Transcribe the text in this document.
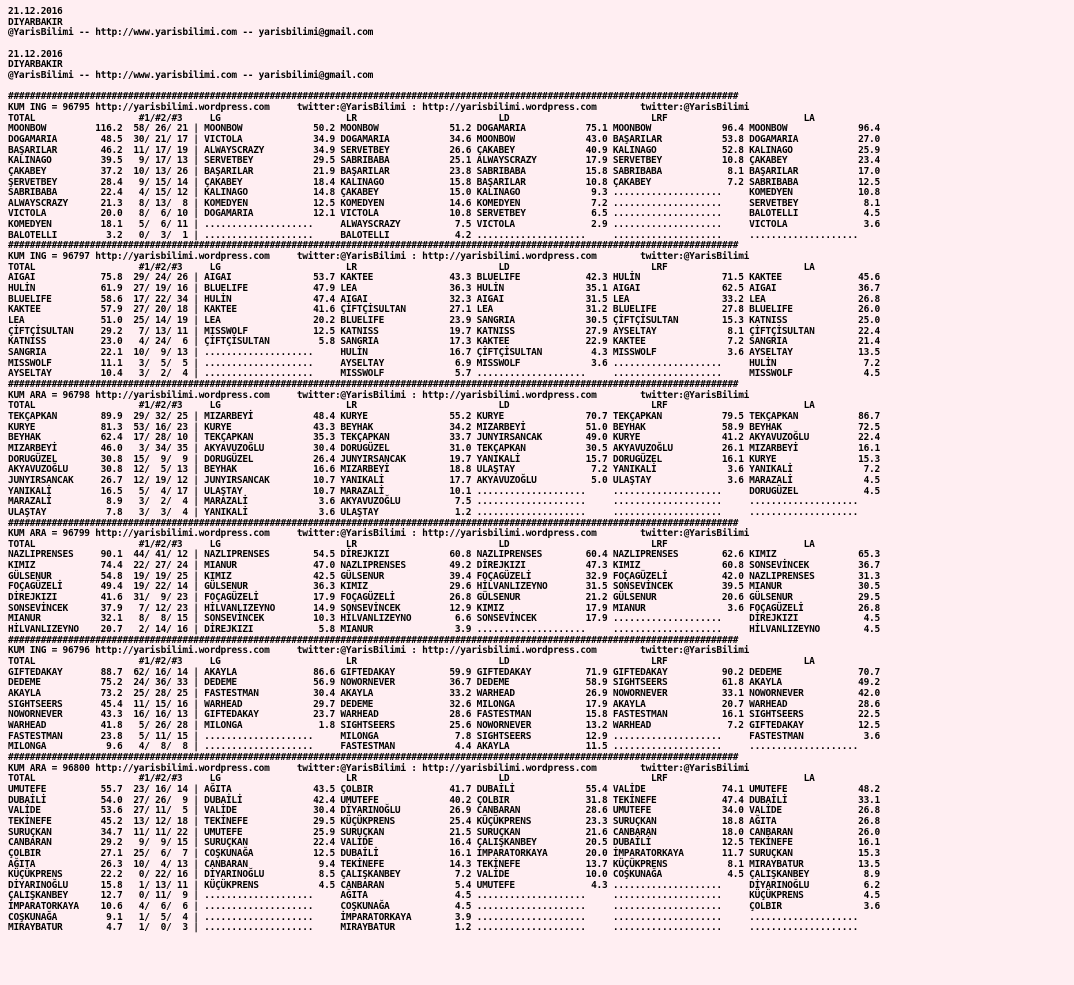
21.12.2016
DIYARBAKIR
@YarisBilimi -- http://www.yarisbilimi.com -- yarisbilimi@gmail.com

21.12.2016
DIYARBAKIR
@YarisBilimi -- http://www.yarisbilimi.com -- yarisbilimi@gmail.com

######################################################################################################################################
KUM ING = 96795 http://yarisbilimi.wordpress.com     twitter:@YarisBilimi : http://yarisbilimi.wordpress.com        twitter:@YarisBilimi
TOTAL                   #1/#2/#3     LG                       LR                          LD                          LRF                         LA
MOONBOW         116.2  58/ 26/ 21 | MOONBOW             50.2 MOONBOW             51.2 DOGAMARIA           75.1 MOONBOW             96.4 MOONBOW             96.4
DOGAMARIA        48.5  30/ 21/ 17 | VICTOLA             34.9 DOGAMARIA           34.6 MOONBOW             43.0 BAŞARILAR           53.8 DOGAMARIA           27.0
BAŞARILAR        46.2  11/ 17/ 19 | ALWAYSCRAZY         34.9 SERVETBEY           26.6 ÇAKABEY             40.9 KALINAGO            52.8 KALINAGO            25.9
KALINAGO         39.5   9/ 17/ 13 | SERVETBEY           29.5 SABRIBABA           25.1 ALWAYSCRAZY         17.9 SERVETBEY           10.8 ÇAKABEY             23.4
ÇAKABEY          37.2  10/ 13/ 26 | BAŞARILAR           21.9 BAŞARILAR           23.8 SABRIBABA           15.8 SABRIBABA            8.1 BAŞARILAR           17.0
ŞERVETBEY        28.4   9/ 15/ 14 | ÇAKABEY             18.4 KALINAGO            15.8 BAŞARILAR           10.8 ÇAKABEY              7.2 SABRIBABA           12.5
SABRIBABA        22.4   4/ 15/ 12 | KALINAGO            14.8 ÇAKABEY             15.0 KALINAGO             9.3 ....................     KOMEDYEN            10.8
ALWAYSCRAZY      21.3   8/ 13/  8 | KOMEDYEN            12.5 KOMEDYEN            14.6 KOMEDYEN             7.2 ....................     SERVETBEY            8.1
VICTOLA          20.0   8/  6/ 10 | DOGAMARIA           12.1 VICTOLA             10.8 SERVETBEY            6.5 ....................     BALOTELLI            4.5
KOMEDYEN         18.1   5/  6/ 11 | ....................     ALWAYSCRAZY          7.5 VICTOLA              2.9 ....................     VICTOLA              3.6
BALOTELLI         3.2   0/  3/  1 | ....................     BALOTELLI            4.2 ....................     ....................     ....................
######################################################################################################################################
KUM ING = 96797 http://yarisbilimi.wordpress.com     twitter:@YarisBilimi : http://yarisbilimi.wordpress.com        twitter:@YarisBilimi
TOTAL                   #1/#2/#3     LG                       LR                          LD                          LRF                         LA
AIGAI            75.8  29/ 24/ 26 | AIGAI               53.7 KAKTEE              43.3 BLUELIFE            42.3 HULİN               71.5 KAKTEE              45.6
HULİN            61.9  27/ 19/ 16 | BLUELIFE            47.9 LEA                 36.3 HULİN               35.1 AIGAI               62.5 AIGAI               36.7
BLUELIFE         58.6  17/ 22/ 34 | HULİN               47.4 AIGAI               32.3 AIGAI               31.5 LEA                 33.2 LEA                 26.8
KAKTEE           57.9  27/ 20/ 18 | KAKTEE              41.6 ÇİFTÇİSULTAN        27.1 LEA                 31.2 BLUELIFE            27.8 BLUELIFE            26.0
LEA              51.0  25/ 14/ 19 | LEA                 20.2 BLUELIFE            23.9 SANGRIA             30.5 ÇİFTÇİSULTAN        15.3 KATNISS             25.0
ÇİFTÇİSULTAN     29.2   7/ 13/ 11 | MISSWOLF            12.5 KATNISS             19.7 KATNISS             27.9 AYSELTAY             8.1 ÇİFTÇİSULTAN        22.4
KATNISS          23.0   4/ 24/  6 | ÇİFTÇİSULTAN         5.8 SANGRIA             17.3 KAKTEE              22.9 KAKTEE               7.2 SANGRIA             21.4
SANGRIA          22.1  10/  9/ 13 | ....................     HULİN               16.7 ÇİFTÇİSULTAN         4.3 MISSWOLF             3.6 AYSELTAY            13.5
MISSWOLF         11.1   3/  5/  5 | ....................     AYSELTAY             6.9 MISSWOLF             3.6 ....................     HULİN                7.2
AYSELTAY         10.4   3/  2/  4 | ....................     MISSWOLF             5.7 ....................     ....................     MISSWOLF             4.5
######################################################################################################################################
KUM ARA = 96798 http://yarisbilimi.wordpress.com     twitter:@YarisBilimi : http://yarisbilimi.wordpress.com        twitter:@YarisBilimi
TOTAL                   #1/#2/#3     LG                       LR                          LD                          LRF                         LA
TEKÇAPKAN        89.9  29/ 32/ 25 | MIZARBEYİ           48.4 KURYE               55.2 KURYE               70.7 TEKÇAPKAN           79.5 TEKÇAPKAN           86.7
KURYE            81.3  53/ 16/ 23 | KURYE               43.3 BEYHAK              34.2 MIZARBEYİ           51.0 BEYHAK              58.9 BEYHAK              72.5
BEYHAK           62.4  17/ 28/ 10 | TEKÇAPKAN           35.3 TEKÇAPKAN           33.7 JUNYIRSANCAK        49.0 KURYE               41.2 AKYAVUZOĞLU         22.4
MIZARBEYİ        46.0   3/ 34/ 35 | AKYAVUZOĞLU         30.4 DORUGÜZEL           31.0 TEKÇAPKAN           30.5 AKYAVUZOĞLU         26.1 MIZARBEYİ           16.1
DORUGÜZEL        30.8  15/  9/  9 | DORUGÜZEL           26.4 JUNYIRSANCAK        19.7 YANIKALİ            15.7 DORUGÜZEL           16.1 KURYE               15.3
AKYAVUZOĞLU      30.8  12/  5/ 13 | BEYHAK              16.6 MIZARBEYİ           18.8 ULAŞTAY              7.2 YANIKALİ             3.6 YANIKALİ             7.2
JUNYIRSANCAK     26.7  12/ 19/ 12 | JUNYIRSANCAK        10.7 YANIKALİ            17.7 AKYAVUZOĞLU          5.0 ULAŞTAY              3.6 MARAZALİ             4.5
YANIKALİ         16.5   5/  4/ 17 | ULAŞTAY             10.7 MARAZALİ            10.1 ....................     ....................     DORUGÜZEL            4.5
MARAZALİ          8.9   3/  2/  4 | MARAZALİ             3.6 AKYAVUZOĞLU          7.5 ....................     ....................     ....................
ULAŞTAY           7.8   3/  3/  4 | YANIKALİ             3.6 ULAŞTAY              1.2 ....................     ....................     ....................
######################################################################################################################################
KUM ARA = 96799 http://yarisbilimi.wordpress.com     twitter:@YarisBilimi : http://yarisbilimi.wordpress.com        twitter:@YarisBilimi
TOTAL                   #1/#2/#3     LG                       LR                          LD                          LRF                         LA
NAZLIPRENSES     90.1  44/ 41/ 12 | NAZLIPRENSES        54.5 DİREJKIZI           60.8 NAZLIPRENSES        60.4 NAZLIPRENSES        62.6 KIMIZ               65.3
KIMIZ            74.4  22/ 27/ 24 | MIANUR              47.0 NAZLIPRENSES        49.2 DİREJKIZI           47.3 KIMIZ               60.8 SONSEVİNCEK         36.7
GÜLSENUR         54.8  19/ 19/ 25 | KIMIZ               42.5 GÜLSENUR            39.4 FOÇAGÜZELİ          32.9 FOÇAGÜZELİ          42.0 NAZLIPRENSES        31.3
FOÇAGÜZELİ       49.4  19/ 22/ 14 | GÜLSENUR            36.3 KIMIZ               29.6 HİLVANLIZEYNO       31.5 SONSEVİNCEK         39.5 MIANUR              30.5
DİREJKIZI        41.6  31/  9/ 23 | FOÇAGÜZELİ          17.9 FOÇAGÜZELİ          26.8 GÜLSENUR            21.2 GÜLSENUR            20.6 GÜLSENUR            29.5
SONSEVİNCEK      37.9   7/ 12/ 23 | HİLVANLIZEYNO       14.9 SONSEVİNCEK         12.9 KIMIZ               17.9 MIANUR               3.6 FOÇAGÜZELİ          26.8
MIANUR           32.1   8/  8/ 15 | SONSEVİNCEK         10.3 HİLVANLIZEYNO        6.6 SONSEVİNCEK         17.9 ....................     DİREJKIZI            4.5
HİLVANLIZEYNO    20.7   2/ 14/ 16 | DİREJKIZI            5.8 MIANUR               3.9 ....................     ....................     HİLVANLIZEYNO        4.5
######################################################################################################################################
KUM ING = 96796 http://yarisbilimi.wordpress.com     twitter:@YarisBilimi : http://yarisbilimi.wordpress.com        twitter:@YarisBilimi
TOTAL                   #1/#2/#3     LG                       LR                          LD                          LRF                         LA
GIFTEDAKAY       88.7  62/ 16/ 14 | AKAYLA              86.6 GIFTEDAKAY          59.9 GIFTEDAKAY          71.9 GIFTEDAKAY          90.2 DEDEME              70.7
DEDEME           75.2  24/ 36/ 33 | DEDEME              56.9 NOWORNEVER          36.7 DEDEME              58.9 SIGHTSEERS          61.8 AKAYLA              49.2
AKAYLA           73.2  25/ 28/ 25 | FASTESTMAN          30.4 AKAYLA              33.2 WARHEAD             26.9 NOWORNEVER          33.1 NOWORNEVER          42.0
SIGHTSEERS       45.4  11/ 15/ 16 | WARHEAD             29.7 DEDEME              32.6 MILONGA             17.9 AKAYLA              20.7 WARHEAD             28.6
NOWORNEVER       43.3  16/ 16/ 13 | GIFTEDAKAY          23.7 WARHEAD             28.6 FASTESTMAN          15.8 FASTESTMAN          16.1 SIGHTSEERS          22.5
WARHEAD          41.8   5/ 26/ 28 | MILONGA              1.8 SIGHTSEERS          25.6 NOWORNEVER          13.2 WARHEAD              7.2 GIFTEDAKAY          12.5
FASTESTMAN       23.8   5/ 11/ 15 | ....................     MILONGA              7.8 SIGHTSEERS          12.9 ....................     FASTESTMAN           3.6
MILONGA           9.6   4/  8/  8 | ....................     FASTESTMAN           4.4 AKAYLA              11.5 ....................     ....................
######################################################################################################################################
KUM ARA = 96800 http://yarisbilimi.wordpress.com     twitter:@YarisBilimi : http://yarisbilimi.wordpress.com        twitter:@YarisBilimi
TOTAL                   #1/#2/#3     LG                       LR                          LD                          LRF                         LA
UMUTEFE          55.7  23/ 16/ 14 | AĞITA               43.5 ÇOLBIR              41.7 DUBAİLİ             55.4 VALİDE              74.1 UMUTEFE             48.2
DUBAİLİ          54.0  27/ 26/  9 | DUBAİLİ             42.4 UMUTEFE             40.2 ÇOLBIR              31.8 TEKİNEFE            47.4 DUBAİLİ             33.1
VALİDE           53.6  27/ 11/  5 | VALİDE              30.4 DİYARINOĞLU         26.9 CANBARAN            28.6 UMUTEFE             34.0 VALİDE              26.8
TEKİNEFE         45.2  13/ 12/ 18 | TEKİNEFE            29.5 KÜÇÜKPRENS          25.4 KÜÇÜKPRENS          23.3 SURUÇKAN            18.8 AĞITA               26.8
SURUÇKAN         34.7  11/ 11/ 22 | UMUTEFE             25.9 SURUÇKAN            21.5 SURUÇKAN            21.6 CANBARAN            18.0 CANBARAN            26.0
CANBARAN         29.2   9/  9/ 15 | SURUÇKAN            22.4 VALİDE              16.4 ÇALIŞKANBEY         20.5 DUBAİLİ             12.5 TEKİNEFE            16.1
ÇOLBIR           27.1  25/  6/  7 | COŞKUNAĞA           12.5 DUBAİLİ             16.1 İMPARATORKAYA       20.0 İMPARATORKAYA       11.7 SURUÇKAN            15.3
AĞITA            26.3  10/  4/ 13 | CANBARAN             9.4 TEKİNEFE            14.3 TEKİNEFE            13.7 KÜÇÜKPRENS           8.1 MIRAYBATUR          13.5
KÜÇÜKPRENS       22.2   0/ 22/ 16 | DİYARINOĞLU          8.5 ÇALIŞKANBEY          7.2 VALİDE              10.0 COŞKUNAĞA            4.5 ÇALIŞKANBEY          8.9
DİYARINOĞLU      15.8   1/ 13/ 11 | KÜÇÜKPRENS           4.5 CANBARAN             5.4 UMUTEFE              4.3 ....................     DİYARINOĞLU          6.2
ÇALIŞKANBEY      12.7   0/ 11/  9 | ....................     AĞITA                4.5 ....................     ....................     KÜÇÜKPRENS           4.5
İMPARATORKAYA    10.6   4/  6/  6 | ....................     COŞKUNAĞA            4.5 ....................     ....................     ÇOLBIR               3.6
COŞKUNAĞA         9.1   1/  5/  4 | ....................     İMPARATORKAYA        3.9 ....................     ....................     ....................
MIRAYBATUR        4.7   1/  0/  3 | ....................     MIRAYBATUR           1.2 ....................     ....................     ....................
